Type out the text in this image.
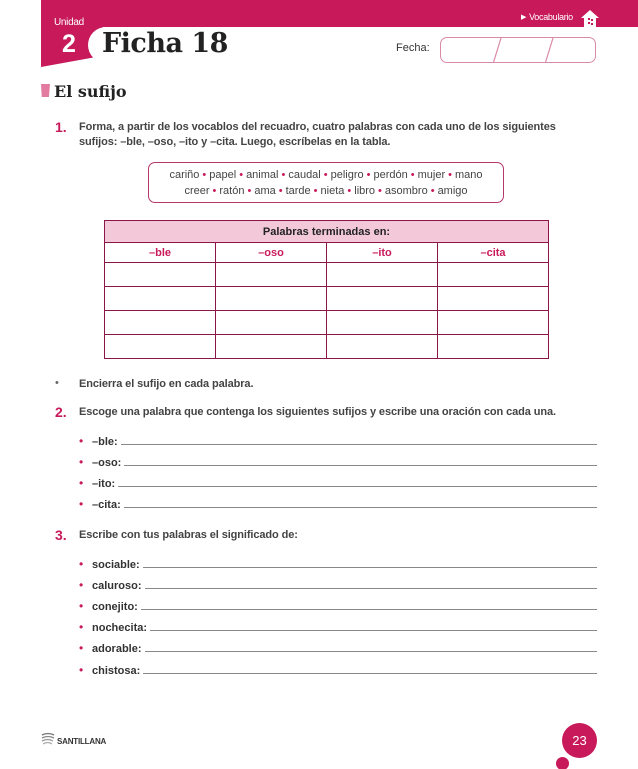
Unidad
2 Ficha 18
▶ Vocabulario
Fecha:
El sufijo
1. Forma, a partir de los vocablos del recuadro, cuatro palabras con cada uno de los siguientes

sufijos: –ble, –oso, –ito y –cita. Luego, escríbelas en la tabla.

cariño • papel • animal • caudal • peligro • perdón • mujer • mano
creer • ratón • ama • tarde • nieta • libro • asombro • amigo
Palabras terminadas en:			
–ble	–oso	–ito	–cita

• Encierra el sufijo en cada palabra.

2. Escoge una palabra que contenga los siguientes sufijos y escribe una oración con cada una.

• –ble:
• –oso:
• –ito:
• –cita:
3. Escribe con tus palabras el significado de:

• sociable:
• caluroso:
• conejito:
• nochecita:
• adorable:
• chistosa:
SANTILLANA	23
